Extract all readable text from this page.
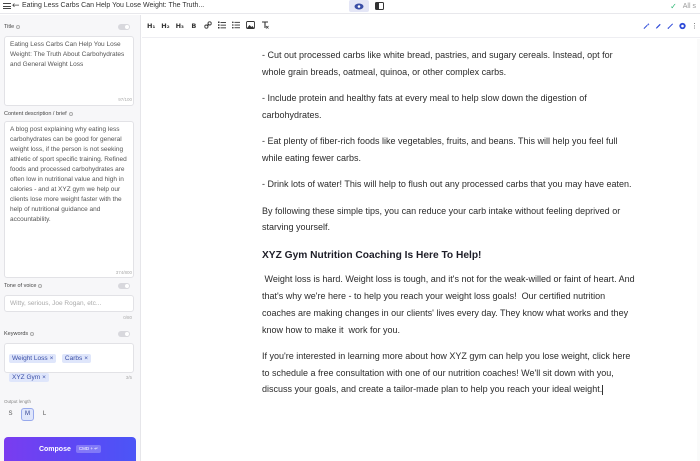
← Eating Less Carbs Can Help You Lose Weight: The Truth...	✓ All s
Title
Eating Less Carbs Can Help You Lose Weight: The Truth About Carbohydrates and General Weight Loss
97/100
Content description / brief
A blog post explaining why eating less carbohydrates can be good for general weight loss, if the person is not seeking athletic of sport specific training. Refined foods and processed carbohydrates are often low in nutritional value and high in calories - and at XYZ gym we help our clients lose more weight faster with the help of nutritional guidance and accountability.
374/800
Tone of voice
Witty, serious, Joe Rogan, etc...
0/80
Keywords
Weight Loss × Carbs ×
XYZ Gym ×	3/5
Output length
S	M	L
Compose	CMD + ↵
H₁ H₂ H₃ B	⋮

- Cut out processed carbs like white bread, pastries, and sugary cereals. Instead, opt for whole grain breads, oatmeal, quinoa, or other complex carbs.

- Include protein and healthy fats at every meal to help slow down the digestion of carbohydrates.

- Eat plenty of fiber-rich foods like vegetables, fruits, and beans. This will help you feel full while eating fewer carbs.

- Drink lots of water! This will help to flush out any processed carbs that you may have eaten.

By following these simple tips, you can reduce your carb intake without feeling deprived or starving yourself.

XYZ Gym Nutrition Coaching Is Here To Help!

Weight loss is hard. Weight loss is tough, and it's not for the weak-willed or faint of heart. And that's why we're here - to help you reach your weight loss goals!  Our certified nutrition coaches are making changes in our clients' lives every day. They know what works and they know how to make it  work for you.

If you're interested in learning more about how XYZ gym can help you lose weight, click here to schedule a free consultation with one of our nutrition coaches! We'll sit down with you, discuss your goals, and create a tailor-made plan to help you reach your ideal weight.
